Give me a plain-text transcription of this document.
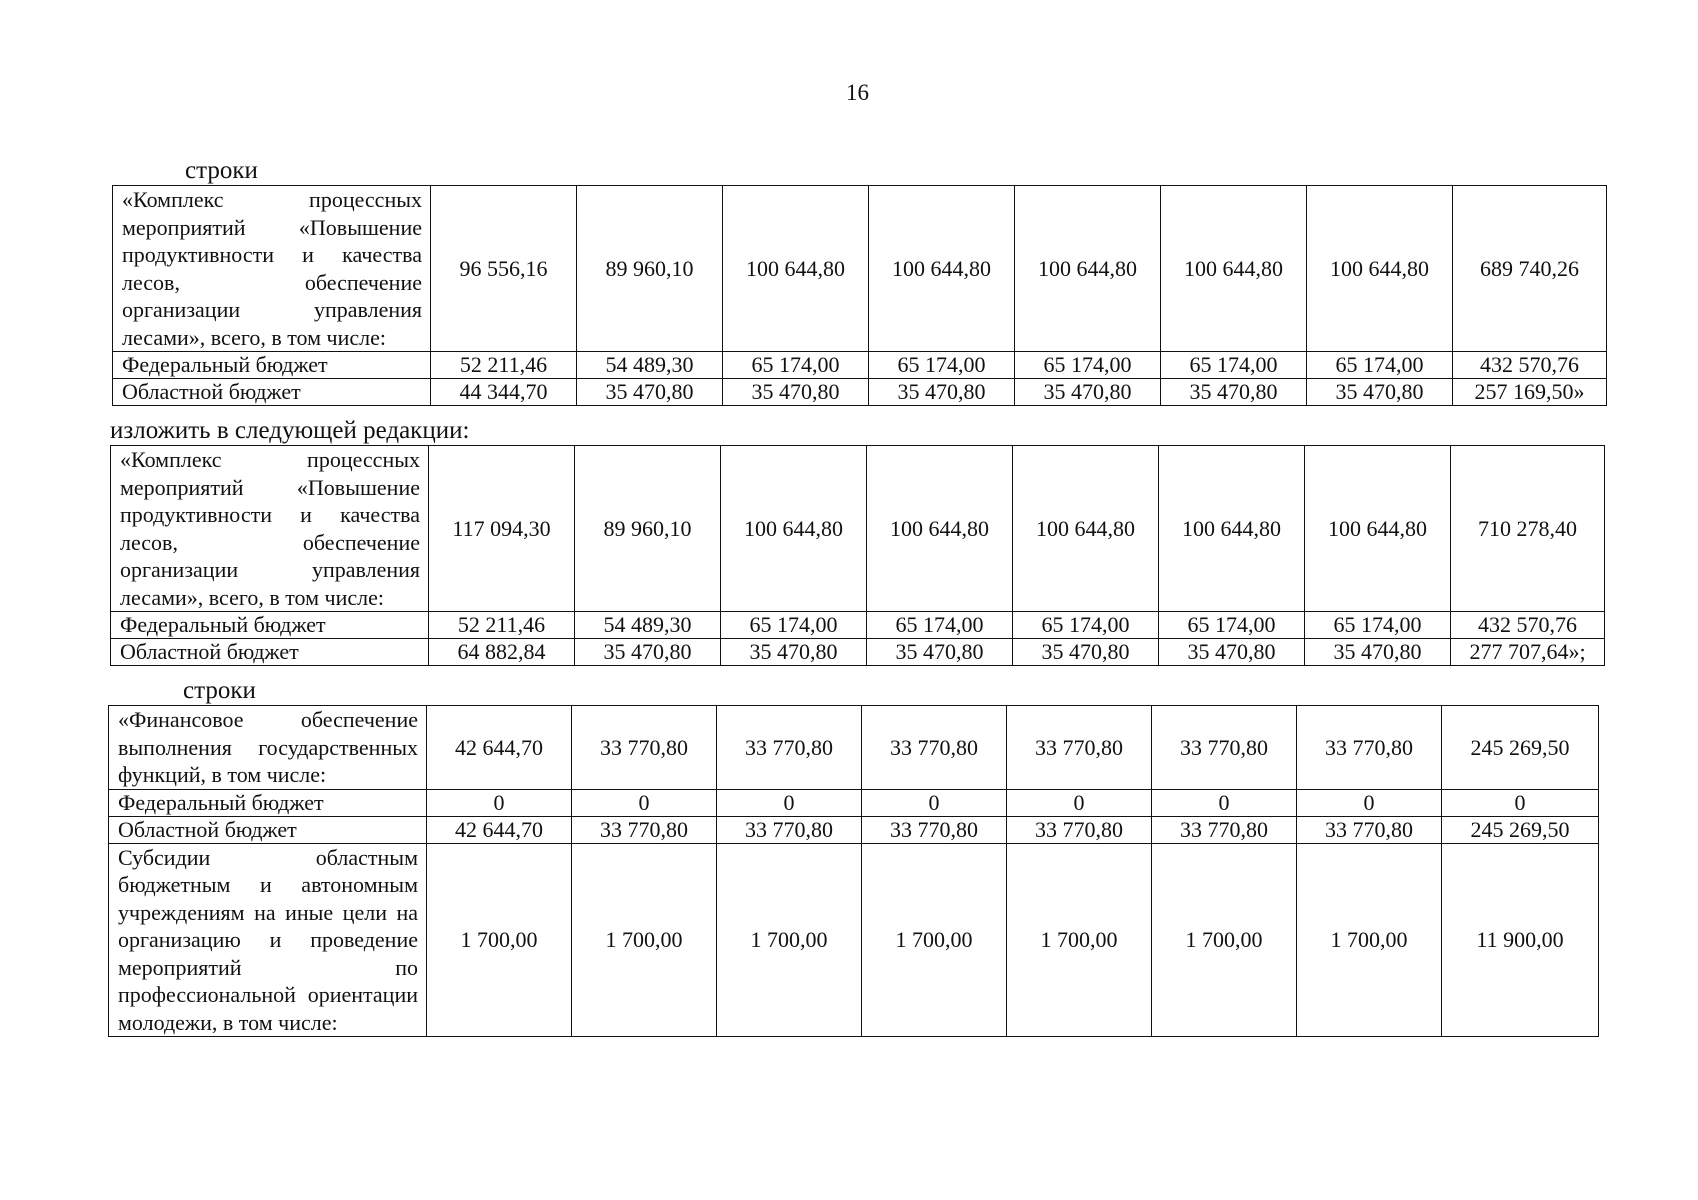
16
строки
«Комплекс процессных мероприятий «Повышение продуктивности и качества лесов, обеспечение организации управления лесами», всего, в том числе:	96 556,16	89 960,10	100 644,80	100 644,80	100 644,80	100 644,80	100 644,80	689 740,26
Федеральный бюджет	52 211,46	54 489,30	65 174,00	65 174,00	65 174,00	65 174,00	65 174,00	432 570,76
Областной бюджет	44 344,70	35 470,80	35 470,80	35 470,80	35 470,80	35 470,80	35 470,80	257 169,50»
изложить в следующей редакции:
«Комплекс процессных мероприятий «Повышение продуктивности и качества лесов, обеспечение организации управления лесами», всего, в том числе:	117 094,30	89 960,10	100 644,80	100 644,80	100 644,80	100 644,80	100 644,80	710 278,40
Федеральный бюджет	52 211,46	54 489,30	65 174,00	65 174,00	65 174,00	65 174,00	65 174,00	432 570,76
Областной бюджет	64 882,84	35 470,80	35 470,80	35 470,80	35 470,80	35 470,80	35 470,80	277 707,64»;
строки
«Финансовое обеспечение выполнения государственных функций, в том числе:	42 644,70	33 770,80	33 770,80	33 770,80	33 770,80	33 770,80	33 770,80	245 269,50
Федеральный бюджет	0	0	0	0	0	0	0	0
Областной бюджет	42 644,70	33 770,80	33 770,80	33 770,80	33 770,80	33 770,80	33 770,80	245 269,50
Субсидии областным бюджетным и автономным учреждениям на иные цели на организацию и проведение мероприятий по профессиональной ориентации молодежи, в том числе:	1 700,00	1 700,00	1 700,00	1 700,00	1 700,00	1 700,00	1 700,00	11 900,00
